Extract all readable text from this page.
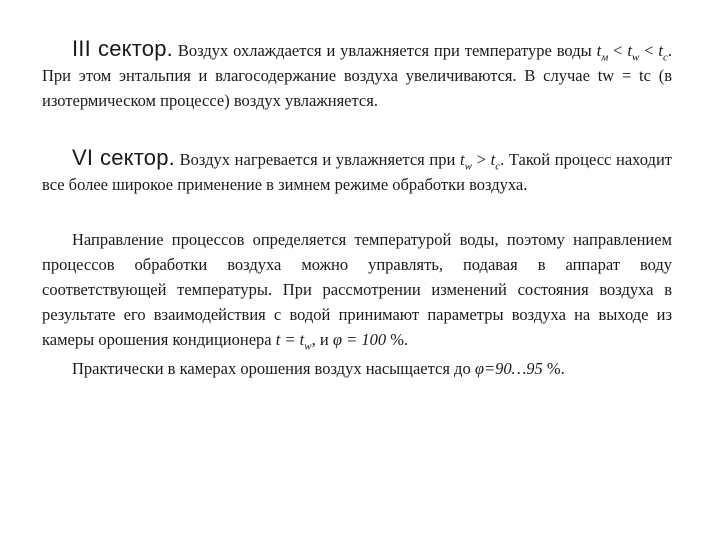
III сектор. Воздух охлаждается и увлажняется при температуре воды $t_м < t_w < t_c$. При этом энтальпия и влагосодержание воздуха увеличиваются. В случае tw = tc (в изотермическом процессе) воздух увлажняется.

VI сектор. Воздух нагревается и увлажняется при $t_w > t_c$. Такой процесс находит все более широкое применение в зимнем режиме обработки воздуха.

Направление процессов определяется температурой воды, поэтому направлением процессов обработки воздуха можно управлять, подавая в аппарат воду соответствующей температуры. При рассмотрении изменений состояния воздуха в результате его взаимодействия с водой принимают параметры воздуха на выходе из камеры орошения кондиционера $t = t_w$, и φ = 100 %.

Практически в камерах орошения воздух насыщается до φ=90…95 %.
